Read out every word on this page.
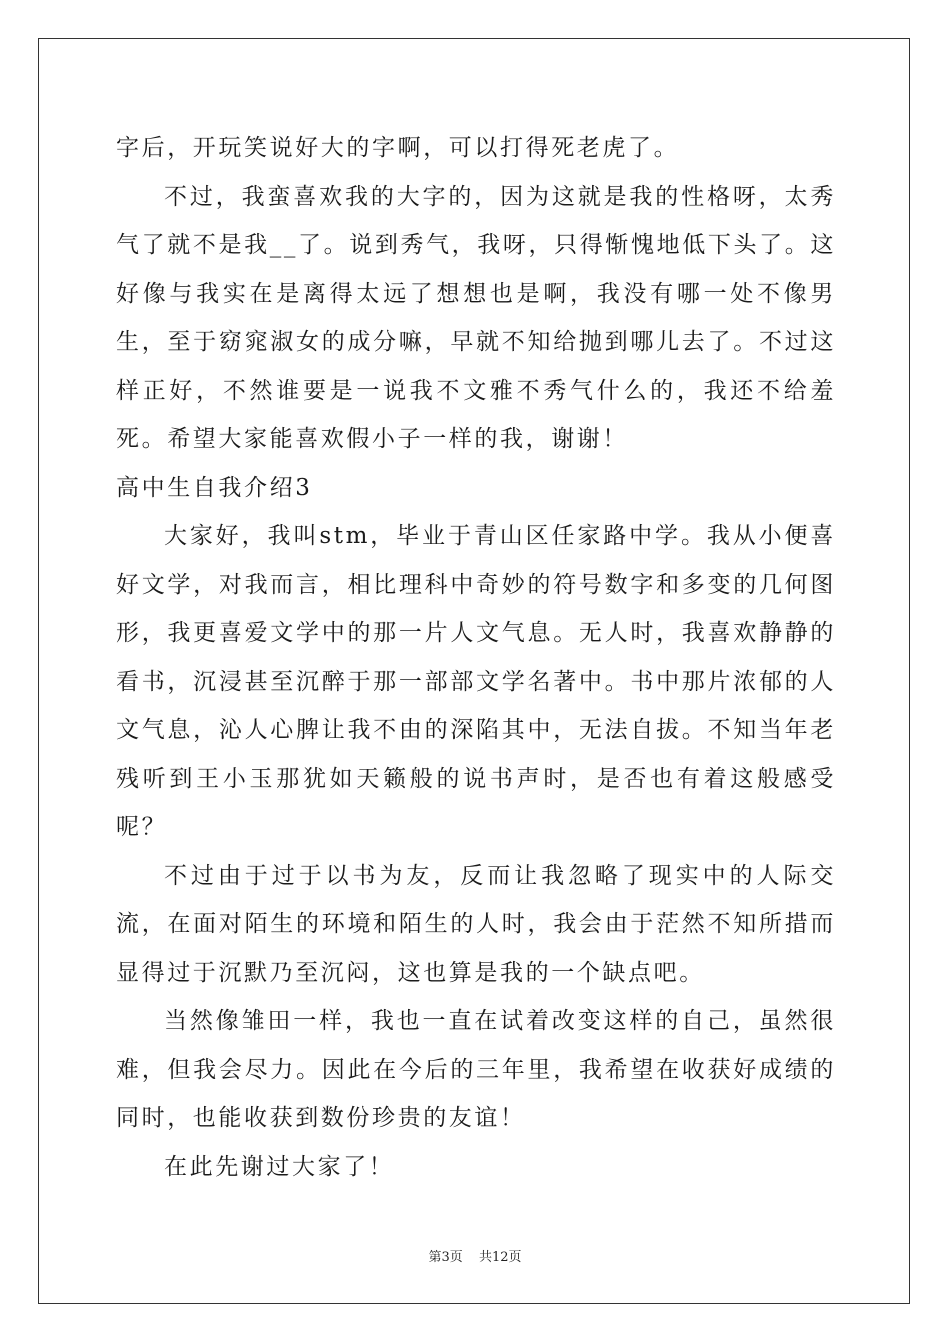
字后，开玩笑说好大的字啊，可以打得死老虎了。

不过，我蛮喜欢我的大字的，因为这就是我的性格呀，太秀气了就不是我__了。说到秀气，我呀，只得惭愧地低下头了。这好像与我实在是离得太远了想想也是啊，我没有哪一处不像男生，至于窈窕淑女的成分嘛，早就不知给抛到哪儿去了。不过这样正好，不然谁要是一说我不文雅不秀气什么的，我还不给羞死。希望大家能喜欢假小子一样的我，谢谢！

高中生自我介绍3

大家好，我叫stm，毕业于青山区任家路中学。我从小便喜好文学，对我而言，相比理科中奇妙的符号数字和多变的几何图形，我更喜爱文学中的那一片人文气息。无人时，我喜欢静静的看书，沉浸甚至沉醉于那一部部文学名著中。书中那片浓郁的人文气息，沁人心脾让我不由的深陷其中，无法自拔。不知当年老残听到王小玉那犹如天籁般的说书声时，是否也有着这般感受呢？

不过由于过于以书为友，反而让我忽略了现实中的人际交流，在面对陌生的环境和陌生的人时，我会由于茫然不知所措而显得过于沉默乃至沉闷，这也算是我的一个缺点吧。

当然像雏田一样，我也一直在试着改变这样的自己，虽然很难，但我会尽力。因此在今后的三年里，我希望在收获好成绩的同时，也能收获到数份珍贵的友谊！

在此先谢过大家了！

第3页 共12页
